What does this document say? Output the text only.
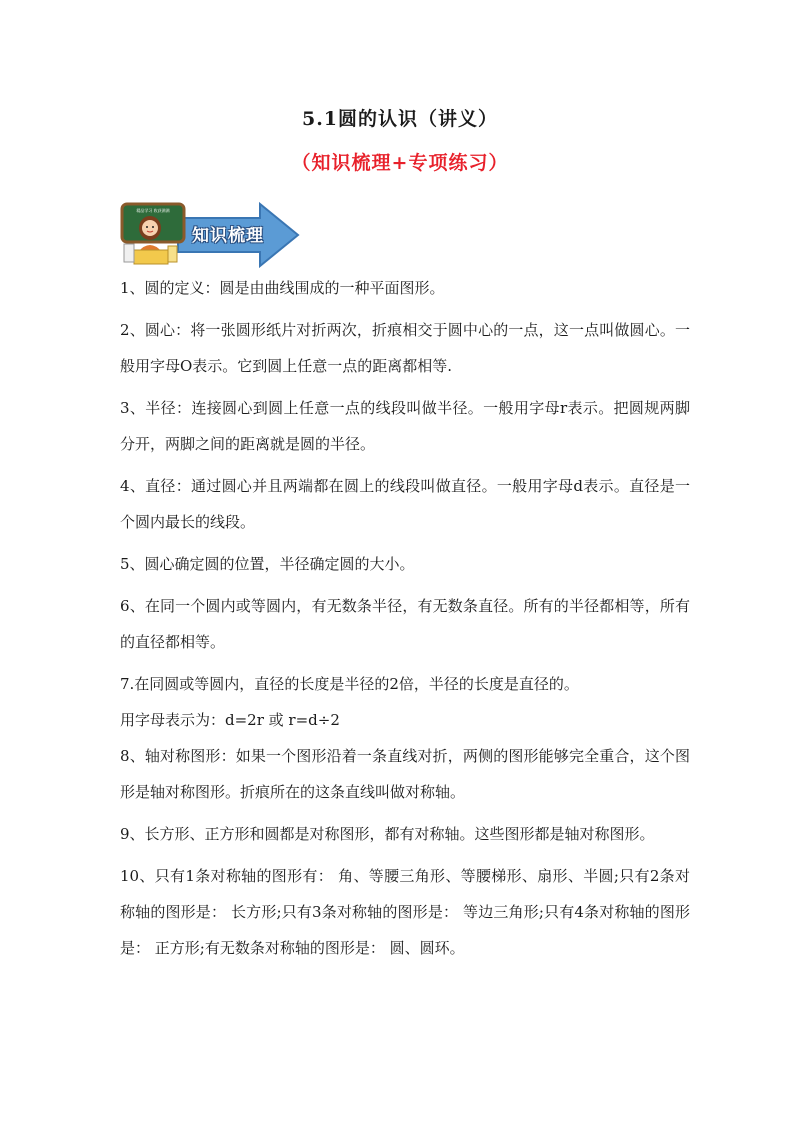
5.1圆的认识（讲义）
（知识梳理+专项练习）
精品学习 收获满满
知识梳理

1、圆的定义：圆是由曲线围成的一种平面图形。

2、圆心：将一张圆形纸片对折两次，折痕相交于圆中心的一点，这一点叫做圆心。一般用字母O表示。它到圆上任意一点的距离都相等.

3、半径：连接圆心到圆上任意一点的线段叫做半径。一般用字母r表示。把圆规两脚分开，两脚之间的距离就是圆的半径。

4、直径：通过圆心并且两端都在圆上的线段叫做直径。一般用字母d表示。直径是一个圆内最长的线段。

5、圆心确定圆的位置，半径确定圆的大小。

6、在同一个圆内或等圆内，有无数条半径，有无数条直径。所有的半径都相等，所有的直径都相等。

7.在同圆或等圆内，直径的长度是半径的2倍，半径的长度是直径的。

用字母表示为：d=2r 或 r=d÷2

8、轴对称图形：如果一个图形沿着一条直线对折，两侧的图形能够完全重合，这个图形是轴对称图形。折痕所在的这条直线叫做对称轴。

9、长方形、正方形和圆都是对称图形，都有对称轴。这些图形都是轴对称图形。

10、只有1条对称轴的图形有： 角、等腰三角形、等腰梯形、扇形、半圆;只有2条对称轴的图形是： 长方形;只有3条对称轴的图形是： 等边三角形;只有4条对称轴的图形是： 正方形;有无数条对称轴的图形是： 圆、圆环。
